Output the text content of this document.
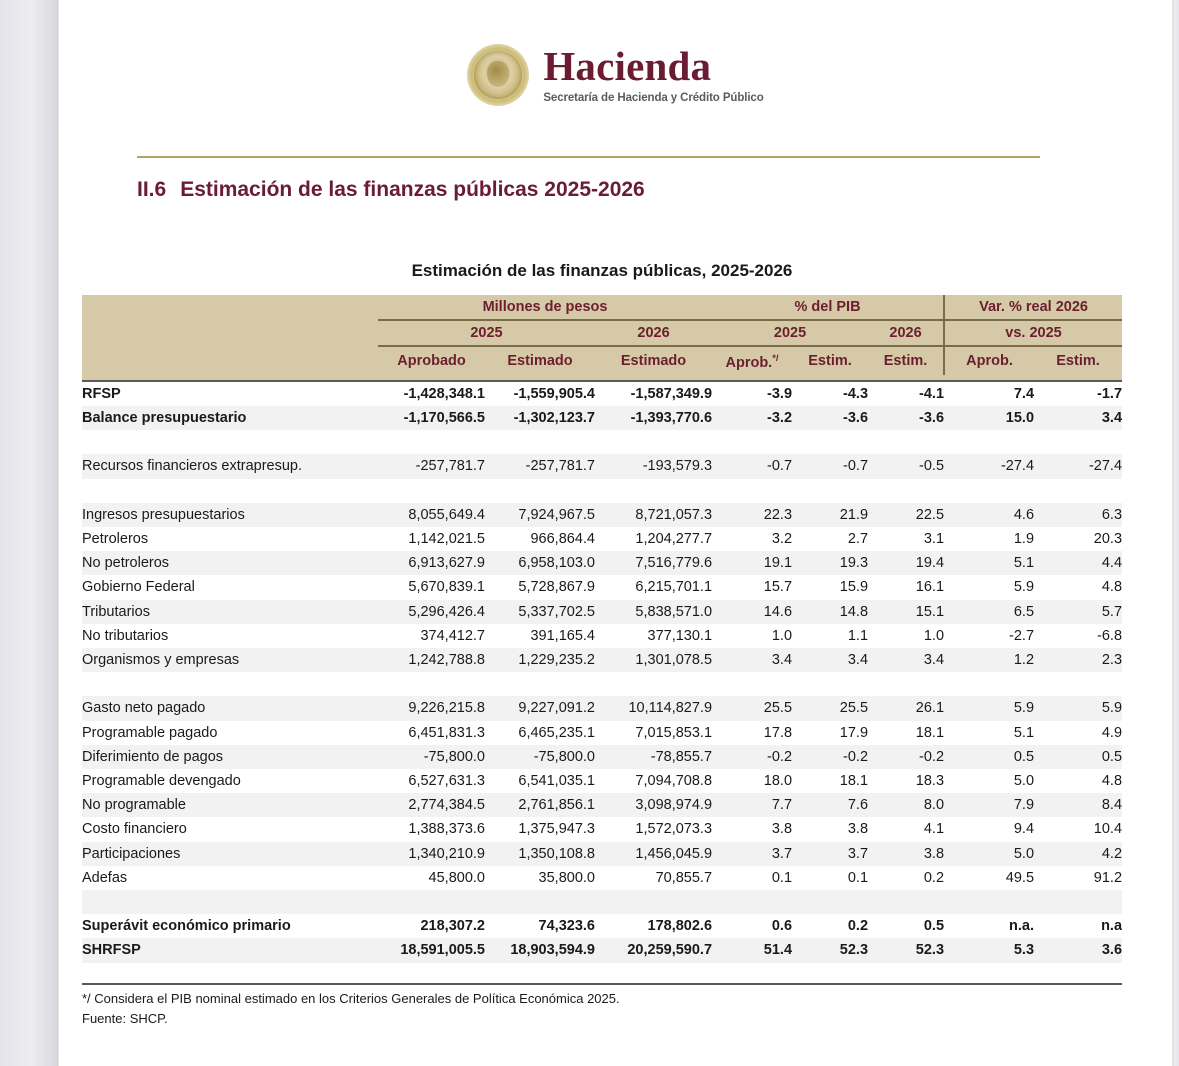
Hacienda
Secretaría de Hacienda y Crédito Público
II.6 Estimación de las finanzas públicas 2025-2026
Estimación de las finanzas públicas, 2025-2026
	Millones de pesos			% del PIB			Var. % real 2026	
	2025		2026	2025		2026	vs. 2025	
	Aprobado	Estimado	Estimado	Aprob.*/	Estim.	Estim.	Aprob.	Estim.

RFSP	-1,428,348.1	-1,559,905.4	-1,587,349.9	-3.9	-4.3	-4.1	7.4	-1.7
Balance presupuestario	-1,170,566.5	-1,302,123.7	-1,393,770.6	-3.2	-3.6	-3.6	15.0	3.4

Recursos financieros extrapresup.	-257,781.7	-257,781.7	-193,579.3	-0.7	-0.7	-0.5	-27.4	-27.4

Ingresos presupuestarios	8,055,649.4	7,924,967.5	8,721,057.3	22.3	21.9	22.5	4.6	6.3
Petroleros	1,142,021.5	966,864.4	1,204,277.7	3.2	2.7	3.1	1.9	20.3
No petroleros	6,913,627.9	6,958,103.0	7,516,779.6	19.1	19.3	19.4	5.1	4.4
Gobierno Federal	5,670,839.1	5,728,867.9	6,215,701.1	15.7	15.9	16.1	5.9	4.8
Tributarios	5,296,426.4	5,337,702.5	5,838,571.0	14.6	14.8	15.1	6.5	5.7
No tributarios	374,412.7	391,165.4	377,130.1	1.0	1.1	1.0	-2.7	-6.8
Organismos y empresas	1,242,788.8	1,229,235.2	1,301,078.5	3.4	3.4	3.4	1.2	2.3

Gasto neto pagado	9,226,215.8	9,227,091.2	10,114,827.9	25.5	25.5	26.1	5.9	5.9
Programable pagado	6,451,831.3	6,465,235.1	7,015,853.1	17.8	17.9	18.1	5.1	4.9
Diferimiento de pagos	-75,800.0	-75,800.0	-78,855.7	-0.2	-0.2	-0.2	0.5	0.5
Programable devengado	6,527,631.3	6,541,035.1	7,094,708.8	18.0	18.1	18.3	5.0	4.8
No programable	2,774,384.5	2,761,856.1	3,098,974.9	7.7	7.6	8.0	7.9	8.4
Costo financiero	1,388,373.6	1,375,947.3	1,572,073.3	3.8	3.8	4.1	9.4	10.4
Participaciones	1,340,210.9	1,350,108.8	1,456,045.9	3.7	3.7	3.8	5.0	4.2
Adefas	45,800.0	35,800.0	70,855.7	0.1	0.1	0.2	49.5	91.2

Superávit económico primario	218,307.2	74,323.6	178,802.6	0.6	0.2	0.5	n.a.	n.a
SHRFSP	18,591,005.5	18,903,594.9	20,259,590.7	51.4	52.3	52.3	5.3	3.6

*/ Considera el PIB nominal estimado en los Criterios Generales de Política Económica 2025.
Fuente: SHCP.
